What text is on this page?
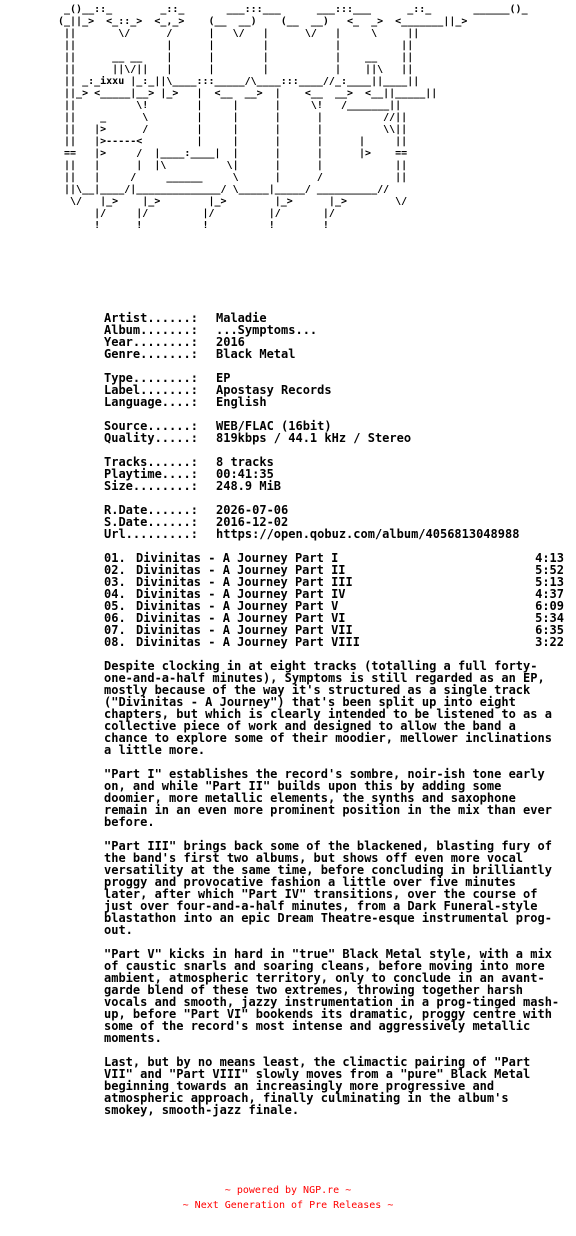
_()__::_        _::_       ___:::___      ___:::___      _::_       ______()_
(_||_>  <_::_>  <_,_>    (__  __)    (__  __)   <_  _>  <_______||_>
||       \/      /      |   \/   |      \/   |     \     ||
||               |      |        |           |          ||
||      __ __    |      |        |           |    __    ||
||      ||\/||   |      |        |           |    ||\   ||
|| _:_ixxu |_:_||\____:::_____/\____:::____//_:____||____||
||_> <_____|__> |_>   |  <__  __>  |    <__  __>  <__||_____||
||          \!        |     |      |     \!   /_______||
||    _      \        |     |      |      |          //||
||   |>      /        |     |      |      |          \\||
||   |>-----<         |     |      |      |      |     ||
==   |>     /  |____:____|  |      |      |      |>    ==
||   |      |  |\          \|      |      |            ||
||   |     /     ______     \      |      /            ||
||\__|____/|______________/ \_____|_____/ __________//
\/   |_>    |_>        |_>        |_>      |_>        \/
|/     |/         |/         |/       |/
!      !          !          !        !
Artist......:	Maladie
Album.......:	...Symptoms...
Year........:	2016
Genre.......:	Black Metal
Type........:	EP
Label.......:	Apostasy Records
Language....:	English
Source......:	WEB/FLAC (16bit)
Quality.....:	819kbps / 44.1 kHz / Stereo
Tracks......:	8 tracks
Playtime....:	00:41:35
Size........:	248.9 MiB
R.Date......:	2026-07-06
S.Date......:	2016-12-02
Url.........:	https://open.qobuz.com/album/4056813048988
01. Divinitas - A Journey Part I	4:13
02. Divinitas - A Journey Part II	5:52
03. Divinitas - A Journey Part III	5:13
04. Divinitas - A Journey Part IV	4:37
05. Divinitas - A Journey Part V	6:09
06. Divinitas - A Journey Part VI	5:34
07. Divinitas - A Journey Part VII	6:35
08. Divinitas - A Journey Part VIII	3:22

Despite clocking in at eight tracks (totalling a full forty-one-and-a-half minutes), Symptoms is still regarded as an EP, mostly because of the way it's structured as a single track ("Divinitas - A Journey") that's been split up into eight chapters, but which is clearly intended to be listened to as a collective piece of work and designed to allow the band a chance to explore some of their moodier, mellower inclinations a little more.

"Part I" establishes the record's sombre, noir-ish tone early on, and while "Part II" builds upon this by adding some doomier, more metallic elements, the synths and saxophone remain in an even more prominent position in the mix than ever before.

"Part III" brings back some of the blackened, blasting fury of the band's first two albums, but shows off even more vocal versatility at the same time, before concluding in brilliantly proggy and provocative fashion a little over five minutes later, after which "Part IV" transitions, over the course of just over four-and-a-half minutes, from a Dark Funeral-style blastathon into an epic Dream Theatre-esque instrumental prog-out.

"Part V" kicks in hard in "true" Black Metal style, with a mix of caustic snarls and soaring cleans, before moving into more ambient, atmospheric territory, only to conclude in an avant-garde blend of these two extremes, throwing together harsh vocals and smooth, jazzy instrumentation in a prog-tinged mash-up, before "Part VI" bookends its dramatic, proggy centre with some of the record's most intense and aggressively metallic moments.

Last, but by no means least, the climactic pairing of "Part VII" and "Part VIII" slowly moves from a "pure" Black Metal beginning towards an increasingly more progressive and atmospheric approach, finally culminating in the album's smokey, smooth-jazz finale.

~ powered by NGP.re ~
~ Next Generation of Pre Releases ~
